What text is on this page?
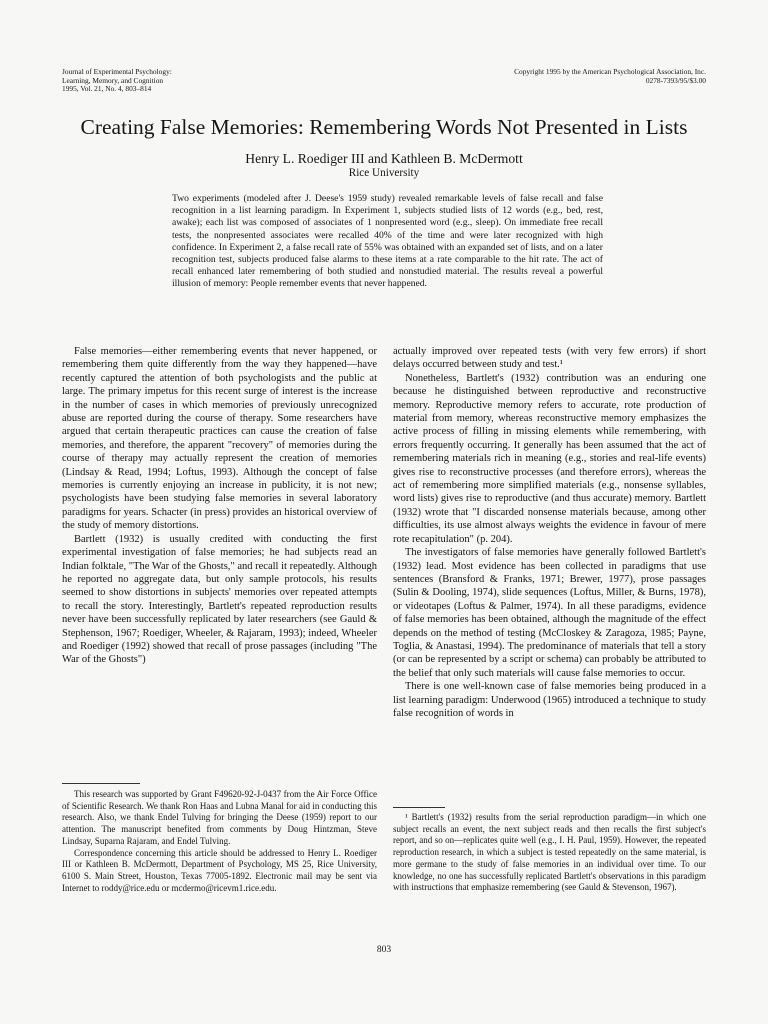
Journal of Experimental Psychology:
Learning, Memory, and Cognition
1995, Vol. 21, No. 4, 803–814
Copyright 1995 by the American Psychological Association, Inc.
0278-7393/95/$3.00
Creating False Memories: Remembering Words Not Presented in Lists
Henry L. Roediger III and Kathleen B. McDermott
Rice University
Two experiments (modeled after J. Deese's 1959 study) revealed remarkable levels of false recall and false recognition in a list learning paradigm. In Experiment 1, subjects studied lists of 12 words (e.g., bed, rest, awake); each list was composed of associates of 1 nonpresented word (e.g., sleep). On immediate free recall tests, the nonpresented associates were recalled 40% of the time and were later recognized with high confidence. In Experiment 2, a false recall rate of 55% was obtained with an expanded set of lists, and on a later recognition test, subjects produced false alarms to these items at a rate comparable to the hit rate. The act of recall enhanced later remembering of both studied and nonstudied material. The results reveal a powerful illusion of memory: People remember events that never happened.

False memories—either remembering events that never happened, or remembering them quite differently from the way they happened—have recently captured the attention of both psychologists and the public at large. The primary impetus for this recent surge of interest is the increase in the number of cases in which memories of previously unrecognized abuse are reported during the course of therapy. Some researchers have argued that certain therapeutic practices can cause the creation of false memories, and therefore, the apparent "recovery" of memories during the course of therapy may actually represent the creation of memories (Lindsay & Read, 1994; Loftus, 1993). Although the concept of false memories is currently enjoying an increase in publicity, it is not new; psychologists have been studying false memories in several laboratory paradigms for years. Schacter (in press) provides an historical overview of the study of memory distortions.

Bartlett (1932) is usually credited with conducting the first experimental investigation of false memories; he had subjects read an Indian folktale, "The War of the Ghosts," and recall it repeatedly. Although he reported no aggregate data, but only sample protocols, his results seemed to show distortions in subjects' memories over repeated attempts to recall the story. Interestingly, Bartlett's repeated reproduction results never have been successfully replicated by later researchers (see Gauld & Stephenson, 1967; Roediger, Wheeler, & Rajaram, 1993); indeed, Wheeler and Roediger (1992) showed that recall of prose passages (including "The War of the Ghosts")

actually improved over repeated tests (with very few errors) if short delays occurred between study and test.¹

Nonetheless, Bartlett's (1932) contribution was an enduring one because he distinguished between reproductive and reconstructive memory. Reproductive memory refers to accurate, rote production of material from memory, whereas reconstructive memory emphasizes the active process of filling in missing elements while remembering, with errors frequently occurring. It generally has been assumed that the act of remembering materials rich in meaning (e.g., stories and real-life events) gives rise to reconstructive processes (and therefore errors), whereas the act of remembering more simplified materials (e.g., nonsense syllables, word lists) gives rise to reproductive (and thus accurate) memory. Bartlett (1932) wrote that "I discarded nonsense materials because, among other difficulties, its use almost always weights the evidence in favour of mere rote recapitulation" (p. 204).

The investigators of false memories have generally followed Bartlett's (1932) lead. Most evidence has been collected in paradigms that use sentences (Bransford & Franks, 1971; Brewer, 1977), prose passages (Sulin & Dooling, 1974), slide sequences (Loftus, Miller, & Burns, 1978), or videotapes (Loftus & Palmer, 1974). In all these paradigms, evidence of false memories has been obtained, although the magnitude of the effect depends on the method of testing (McCloskey & Zaragoza, 1985; Payne, Toglia, & Anastasi, 1994). The predominance of materials that tell a story (or can be represented by a script or schema) can probably be attributed to the belief that only such materials will cause false memories to occur.

There is one well-known case of false memories being produced in a list learning paradigm: Underwood (1965) introduced a technique to study false recognition of words in

This research was supported by Grant F49620-92-J-0437 from the Air Force Office of Scientific Research. We thank Ron Haas and Lubna Manal for aid in conducting this research. Also, we thank Endel Tulving for bringing the Deese (1959) report to our attention. The manuscript benefited from comments by Doug Hintzman, Steve Lindsay, Suparna Rajaram, and Endel Tulving.

Correspondence concerning this article should be addressed to Henry L. Roediger III or Kathleen B. McDermott, Department of Psychology, MS 25, Rice University, 6100 S. Main Street, Houston, Texas 77005-1892. Electronic mail may be sent via Internet to roddy@rice.edu or mcdermo@ricevm1.rice.edu.

¹ Bartlett's (1932) results from the serial reproduction paradigm—in which one subject recalls an event, the next subject reads and then recalls the first subject's report, and so on—replicates quite well (e.g., I. H. Paul, 1959). However, the repeated reproduction research, in which a subject is tested repeatedly on the same material, is more germane to the study of false memories in an individual over time. To our knowledge, no one has successfully replicated Bartlett's observations in this paradigm with instructions that emphasize remembering (see Gauld & Stevenson, 1967).

803
